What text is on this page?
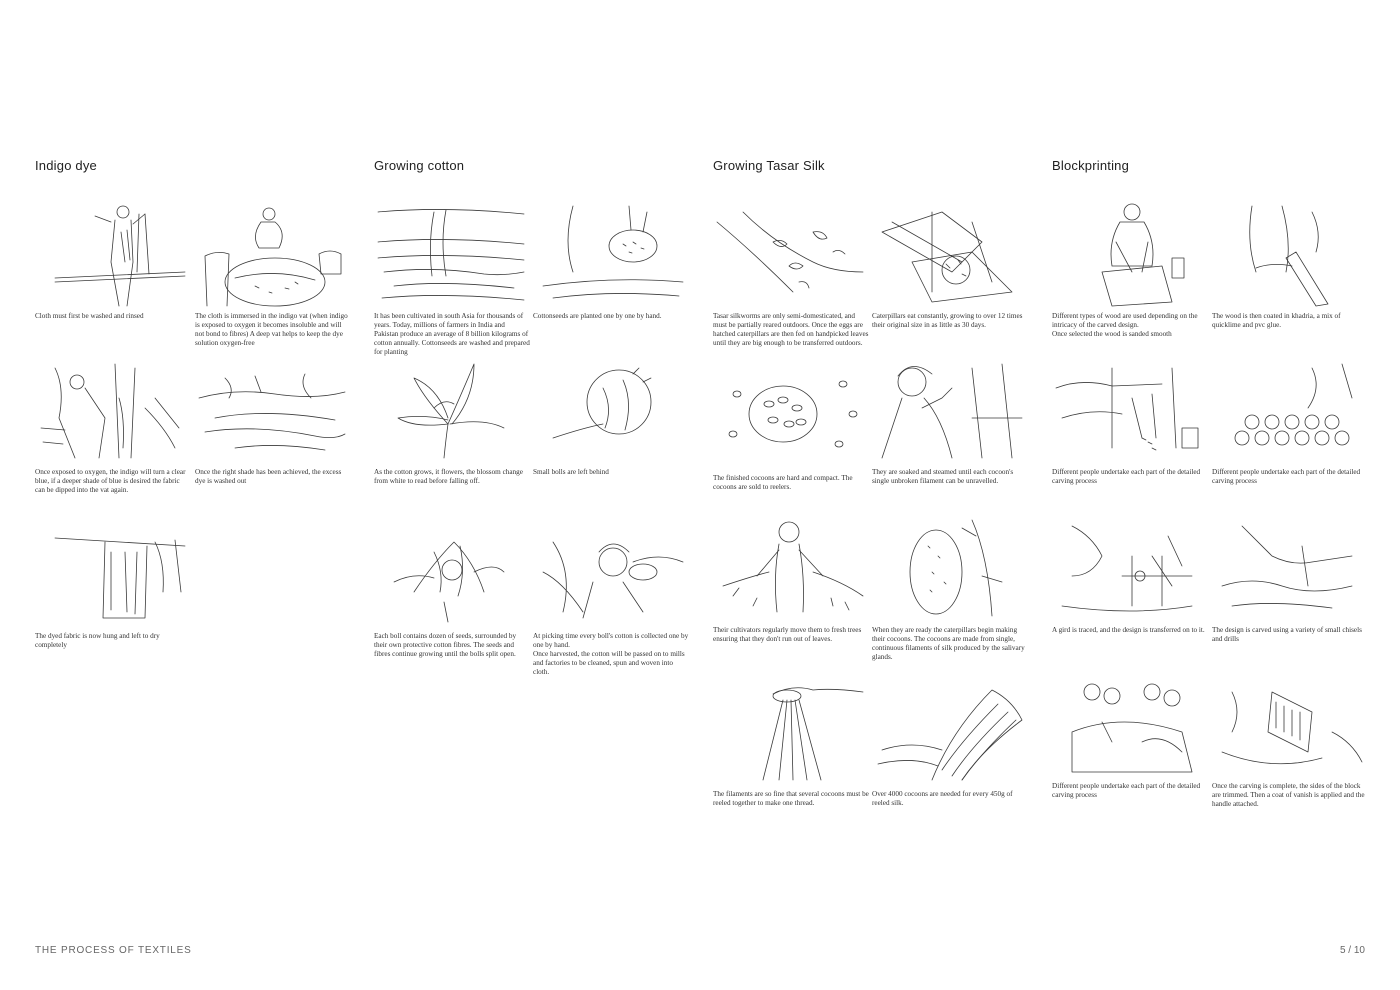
Indigo dye	Growing cotton	Growing Tasar Silk	Blockprinting
Cloth must first be washed and rinsed	The cloth is immersed in the indigo vat (when indigo is exposed to oxygen it becomes insoluble and will not bond to fibres) A deep vat helps to keep the dye solution oxygen-free
Once exposed to oxygen, the indigo will turn a clear blue, if a deeper shade of blue is desired the fabric can be dipped into the vat again.
Once the right shade has been achieved, the excess dye is washed out
The dyed fabric is now hung and left to dry completely
It has been cultivated in south Asia for thousands of years. Today, millions of farmers in India and Pakistan produce an average of 8 billion kilograms of cotton annually. Cottonseeds are washed and prepared for planting
Cottonseeds are planted one by one by hand.
As the cotton grows, it flowers, the blossom change from white to read before falling off.
Small bolls are left behind
Each boll contains dozen of seeds, surrounded by their own protective cotton fibres. The seeds and fibres continue growing until the bolls split open.
At picking time every boll's cotton is collected one by one by hand.
Once harvested, the cotton will be passed on to mills and factories to be cleaned, spun and woven into cloth.
Tasar silkworms are only semi-domesticated, and must be partially reared outdoors. Once the eggs are hatched caterpillars are then fed on handpicked leaves until they are big enough to be transferred outdoors.
Caterpillars eat constantly, growing to over 12 times their original size in as little as 30 days.
The finished cocoons are hard and compact. The cocoons are sold to reelers.
They are soaked and steamed until each cocoon's single unbroken filament can be unravelled.
Their cultivators regularly move them to fresh trees ensuring that they don't run out of leaves.
When they are ready the caterpillars begin making their cocoons. The cocoons are made from single, continuous filaments of silk produced by the salivary glands.
The filaments are so fine that several cocoons must be reeled together to make one thread.
Over 4000 cocoons are needed for every 450g of reeled silk.
Different types of wood are used depending on the intricacy of the carved design.
Once selected the wood is sanded smooth
The wood is then coated in khadria, a mix of quicklime and pvc glue.
Different people undertake each part of the detailed carving process
Different people undertake each part of the detailed carving process
A gird is traced, and the design is transferred on to it.	The design is carved using a variety of small chisels and drills
Different people undertake each part of the detailed carving process
Once the carving is complete, the sides of the block are trimmed. Then a coat of vanish is applied and the handle attached.
THE PROCESS OF TEXTILES	5 / 10
